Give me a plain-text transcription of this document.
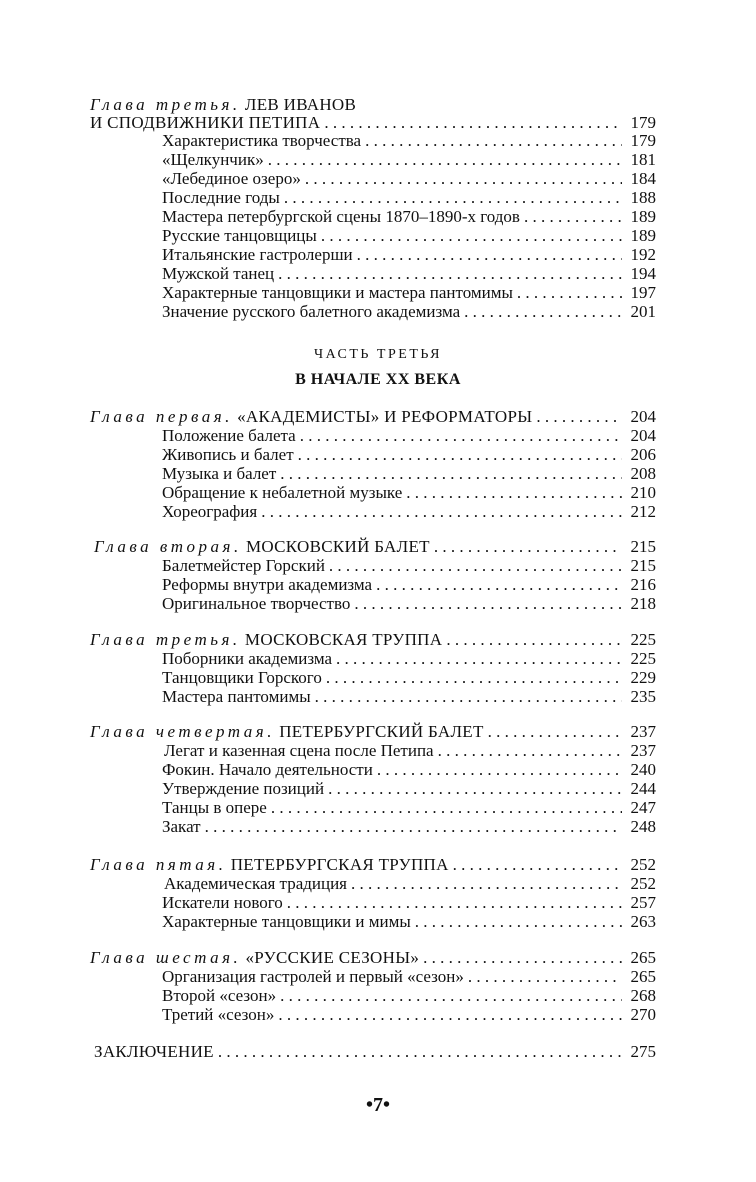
Глава третья. ЛЕВ ИВАНОВ
И СПОДВИЖНИКИ ПЕТИПА . . .	179
Характеристика творчества . . .	179
«Щелкунчик» . . .	181
«Лебединое озеро» . . .	184
Последние годы . . .	188
Мастера петербургской сцены 1870–1890-х годов . . .	189
Русские танцовщицы . . .	189
Итальянские гастролерши . . .	192
Мужской танец . . .	194
Характерные танцовщики и мастера пантомимы . . .	197
Значение русского балетного академизма . . .	201
ЧАСТЬ ТРЕТЬЯ
В НАЧАЛЕ XX ВЕКА
Глава первая. «АКАДЕМИСТЫ» И РЕФОРМАТОРЫ . . .	204
Положение балета . . .	204
Живопись и балет . . .	206
Музыка и балет . . .	208
Обращение к небалетной музыке . . .	210
Хореография . . .	212
Глава вторая. МОСКОВСКИЙ БАЛЕТ . . .	215
Балетмейстер Горский . . .	215
Реформы внутри академизма . . .	216
Оригинальное творчество . . .	218
Глава третья. МОСКОВСКАЯ ТРУППА . . .	225
Поборники академизма . . .	225
Танцовщики Горского . . .	229
Мастера пантомимы . . .	235
Глава четвертая. ПЕТЕРБУРГСКИЙ БАЛЕТ . . .	237
Легат и казенная сцена после Петипа . . .	237
Фокин. Начало деятельности . . .	240
Утверждение позиций . . .	244
Танцы в опере . . .	247
Закат . . .	248
Глава пятая. ПЕТЕРБУРГСКАЯ ТРУППА . . .	252
Академическая традиция . . .	252
Искатели нового . . .	257
Характерные танцовщики и мимы . . .	263
Глава шестая. «РУССКИЕ СЕЗОНЫ» . . .	265
Организация гастролей и первый «сезон» . . .	265
Второй «сезон» . . .	268
Третий «сезон» . . .	270
ЗАКЛЮЧЕНИЕ . . .	275
•7•
